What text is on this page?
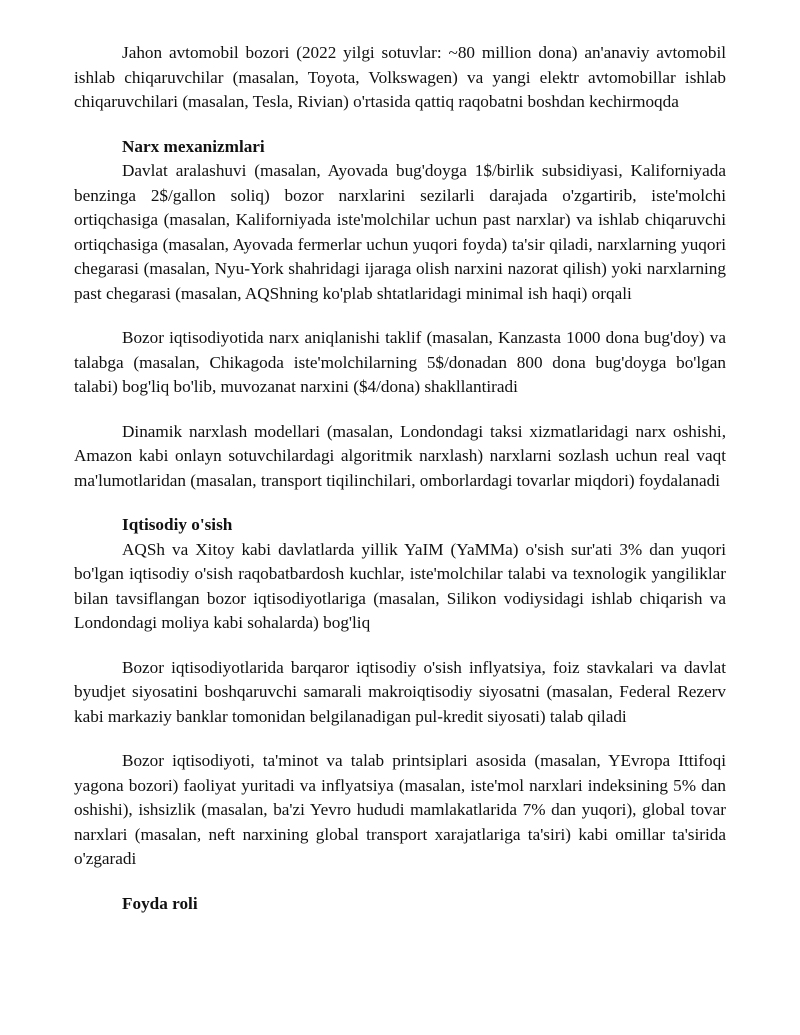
Jahon avtomobil bozori (2022 yilgi sotuvlar: ~80 million dona) an'anaviy avtomobil ishlab chiqaruvchilar (masalan, Toyota, Volkswagen) va yangi elektr avtomobillar ishlab chiqaruvchilari (masalan, Tesla, Rivian) o'rtasida qattiq raqobatni boshdan kechirmoqda

Narx mexanizmlari

Davlat aralashuvi (masalan, Ayovada bug'doyga 1$/birlik subsidiyasi, Kaliforniyada benzinga 2$/gallon soliq) bozor narxlarini sezilarli darajada o'zgartirib, iste'molchi ortiqchasiga (masalan, Kaliforniyada iste'molchilar uchun past narxlar) va ishlab chiqaruvchi ortiqchasiga (masalan, Ayovada fermerlar uchun yuqori foyda) ta'sir qiladi, narxlarning yuqori chegarasi (masalan, Nyu-York shahridagi ijaraga olish narxini nazorat qilish) yoki narxlarning past chegarasi (masalan, AQShning ko'plab shtatlaridagi minimal ish haqi) orqali

Bozor iqtisodiyotida narx aniqlanishi taklif (masalan, Kanzasta 1000 dona bug'doy) va talabga (masalan, Chikagoda iste'molchilarning 5$/donadan 800 dona bug'doyga bo'lgan talabi) bog'liq bo'lib, muvozanat narxini ($4/dona) shakllantiradi

Dinamik narxlash modellari (masalan, Londondagi taksi xizmatlaridagi narx oshishi, Amazon kabi onlayn sotuvchilardagi algoritmik narxlash) narxlarni sozlash uchun real vaqt ma'lumotlaridan (masalan, transport tiqilinchilari, omborlardagi tovarlar miqdori) foydalanadi

Iqtisodiy o'sish

AQSh va Xitoy kabi davlatlarda yillik YaIM (YaMMa) o'sish sur'ati 3% dan yuqori bo'lgan iqtisodiy o'sish raqobatbardosh kuchlar, iste'molchilar talabi va texnologik yangiliklar bilan tavsiflangan bozor iqtisodiyotlariga (masalan, Silikon vodiysidagi ishlab chiqarish va Londondagi moliya kabi sohalarda) bog'liq

Bozor iqtisodiyotlarida barqaror iqtisodiy o'sish inflyatsiya, foiz stavkalari va davlat byudjet siyosatini boshqaruvchi samarali makroiqtisodiy siyosatni (masalan, Federal Rezerv kabi markaziy banklar tomonidan belgilanadigan pul-kredit siyosati) talab qiladi

Bozor iqtisodiyoti, ta'minot va talab printsiplari asosida (masalan, YEvropa Ittifoqi yagona bozori) faoliyat yuritadi va inflyatsiya (masalan, iste'mol narxlari indeksining 5% dan oshishi), ishsizlik (masalan, ba'zi Yevro hududi mamlakatlarida 7% dan yuqori), global tovar narxlari (masalan, neft narxining global transport xarajatlariga ta'siri) kabi omillar ta'sirida o'zgaradi

Foyda roli
